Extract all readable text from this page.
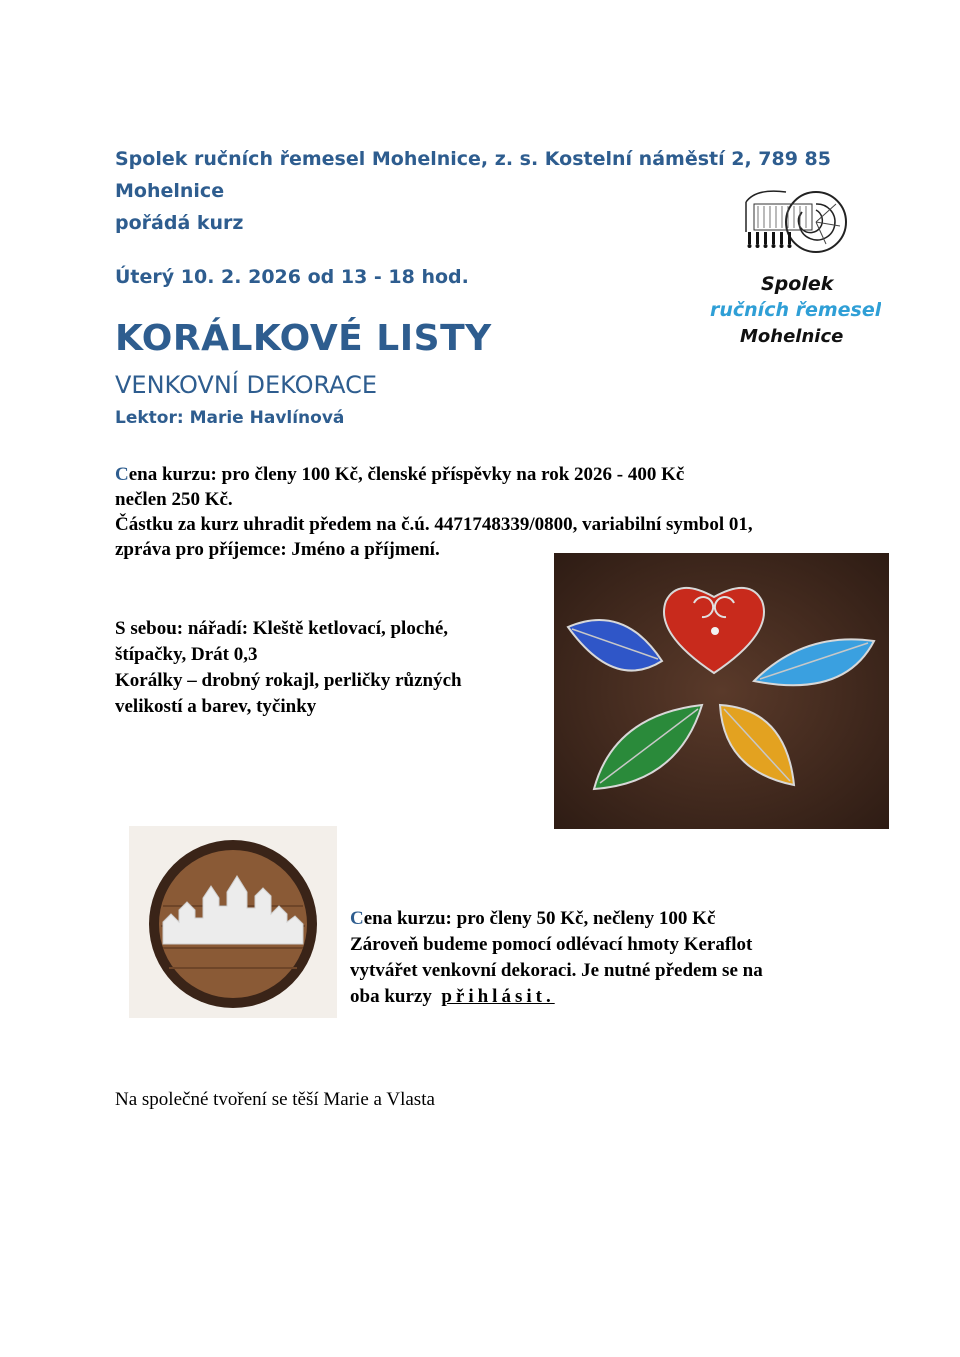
Spolek ručních řemesel Mohelnice, z. s. Kostelní náměstí 2, 789 85
Mohelnice
pořádá kurz
Úterý 10. 2. 2026 od 13 - 18 hod.
KORÁLKOVÉ LISTY
VENKOVNÍ DEKORACE
Lektor: Marie Havlínová
Spolek
ručních řemesel
Mohelnice
Cena kurzu: pro členy 100 Kč, členské příspěvky na rok 2026 - 400 Kč
nečlen 250 Kč.
Částku za kurz uhradit předem na č.ú. 4471748339/0800, variabilní symbol 01,
zpráva pro příjemce: Jméno a příjmení.
S sebou: nářadí: Kleště ketlovací, ploché,
štípačky, Drát 0,3
Korálky – drobný rokajl, perličky různých
velikostí a barev, tyčinky
Cena kurzu: pro členy 50 Kč, nečleny 100 Kč
Zároveň budeme pomocí odlévací hmoty Keraflot
vytvářet venkovní dekoraci. Je nutné předem se na
oba kurzy přihlásit.
Na společné tvoření se těší Marie a Vlasta
